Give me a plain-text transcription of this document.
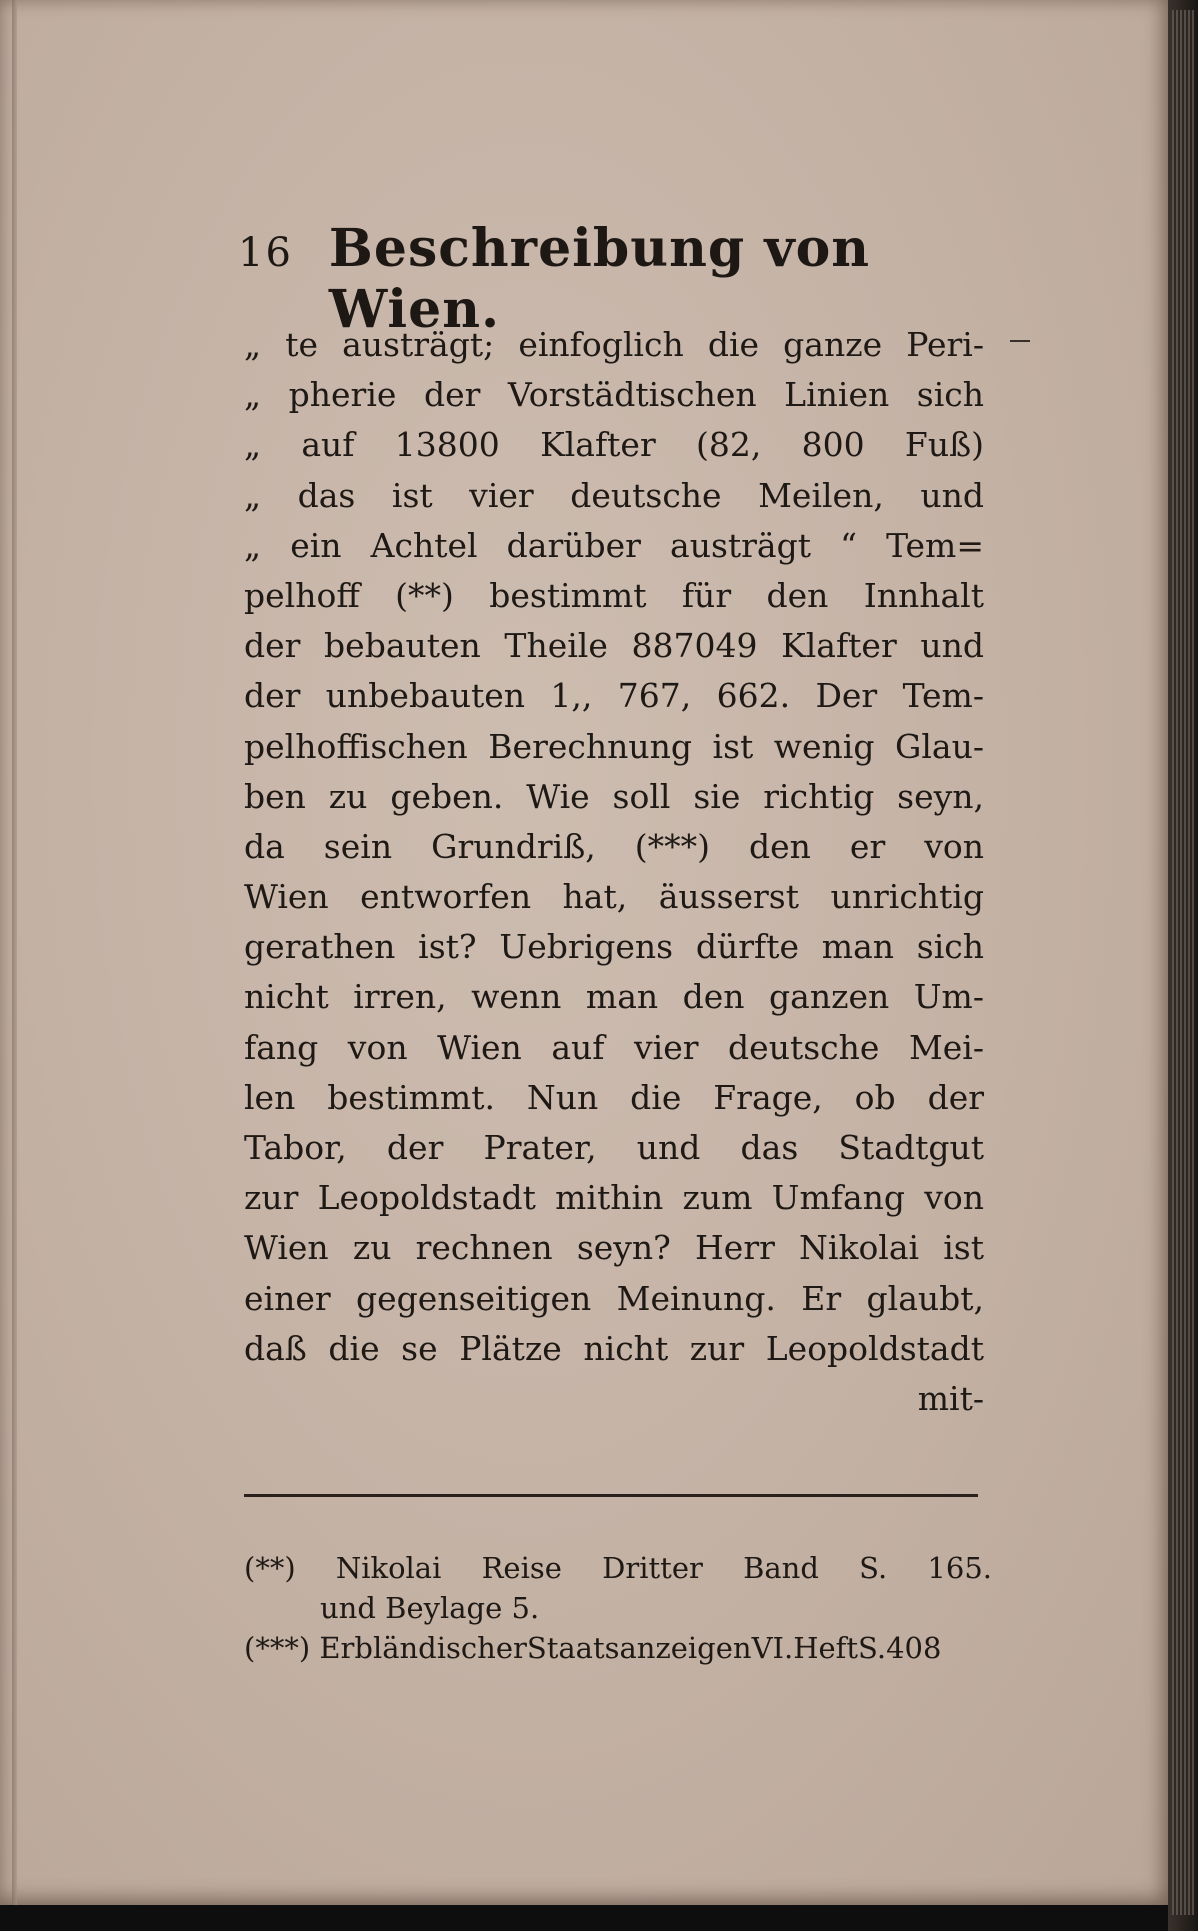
16 Beschreibung von Wien.
„ te austrägt; einfoglich die ganze Peri-
„ pherie der Vorstädtischen Linien sich
„ auf 13800 Klafter (82, 800 Fuß)
„ das ist vier deutsche Meilen, und
„ ein Achtel darüber austrägt “ Tem=
pelhoff (**) bestimmt für den Innhalt
der bebauten Theile 887049 Klafter und
der unbebauten 1,, 767, 662. Der Tem-
pelhoffischen Berechnung ist wenig Glau-
ben zu geben. Wie soll sie richtig seyn,
da sein Grundriß, (***) den er von
Wien entworfen hat, äusserst unrichtig
gerathen ist? Uebrigens dürfte man sich
nicht irren, wenn man den ganzen Um-
fang von Wien auf vier deutsche Mei-
len bestimmt. Nun die Frage, ob der
Tabor, der Prater, und das Stadtgut
zur Leopoldstadt mithin zum Umfang von
Wien zu rechnen seyn? Herr Nikolai ist
einer gegenseitigen Meinung. Er glaubt,
daß die se Plätze nicht zur Leopoldstadt
mit-
(**) Nikolai Reise Dritter Band S. 165.
und Beylage 5.
(***) ErbländischerStaatsanzeigenVI.HeftS.408
